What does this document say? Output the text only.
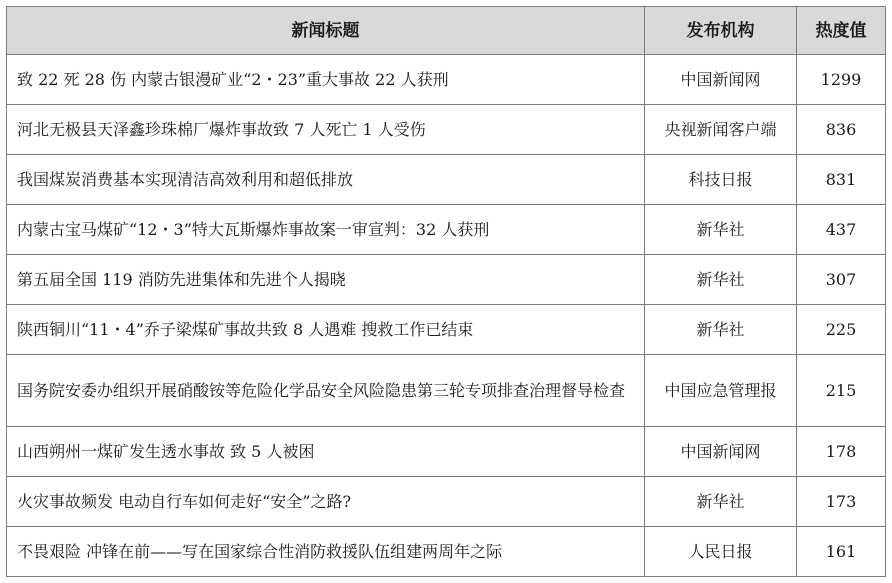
新闻标题	发布机构	热度值
致 22 死 28 伤 内蒙古银漫矿业“2・23”重大事故 22 人获刑	中国新闻网	1299
河北无极县天泽鑫珍珠棉厂爆炸事故致 7 人死亡 1 人受伤	央视新闻客户端	836
我国煤炭消费基本实现清洁高效利用和超低排放	科技日报	831
内蒙古宝马煤矿“12・3”特大瓦斯爆炸事故案一审宣判：32 人获刑	新华社	437
第五届全国 119 消防先进集体和先进个人揭晓	新华社	307
陕西铜川“11・4”乔子梁煤矿事故共致 8 人遇难 搜救工作已结束	新华社	225
国务院安委办组织开展硝酸铵等危险化学品安全风险隐患第三轮专项排查治理督导检查	中国应急管理报	215
山西朔州一煤矿发生透水事故 致 5 人被困	中国新闻网	178
火灾事故频发 电动自行车如何走好“安全”之路?	新华社	173
不畏艰险 冲锋在前——写在国家综合性消防救援队伍组建两周年之际	人民日报	161
